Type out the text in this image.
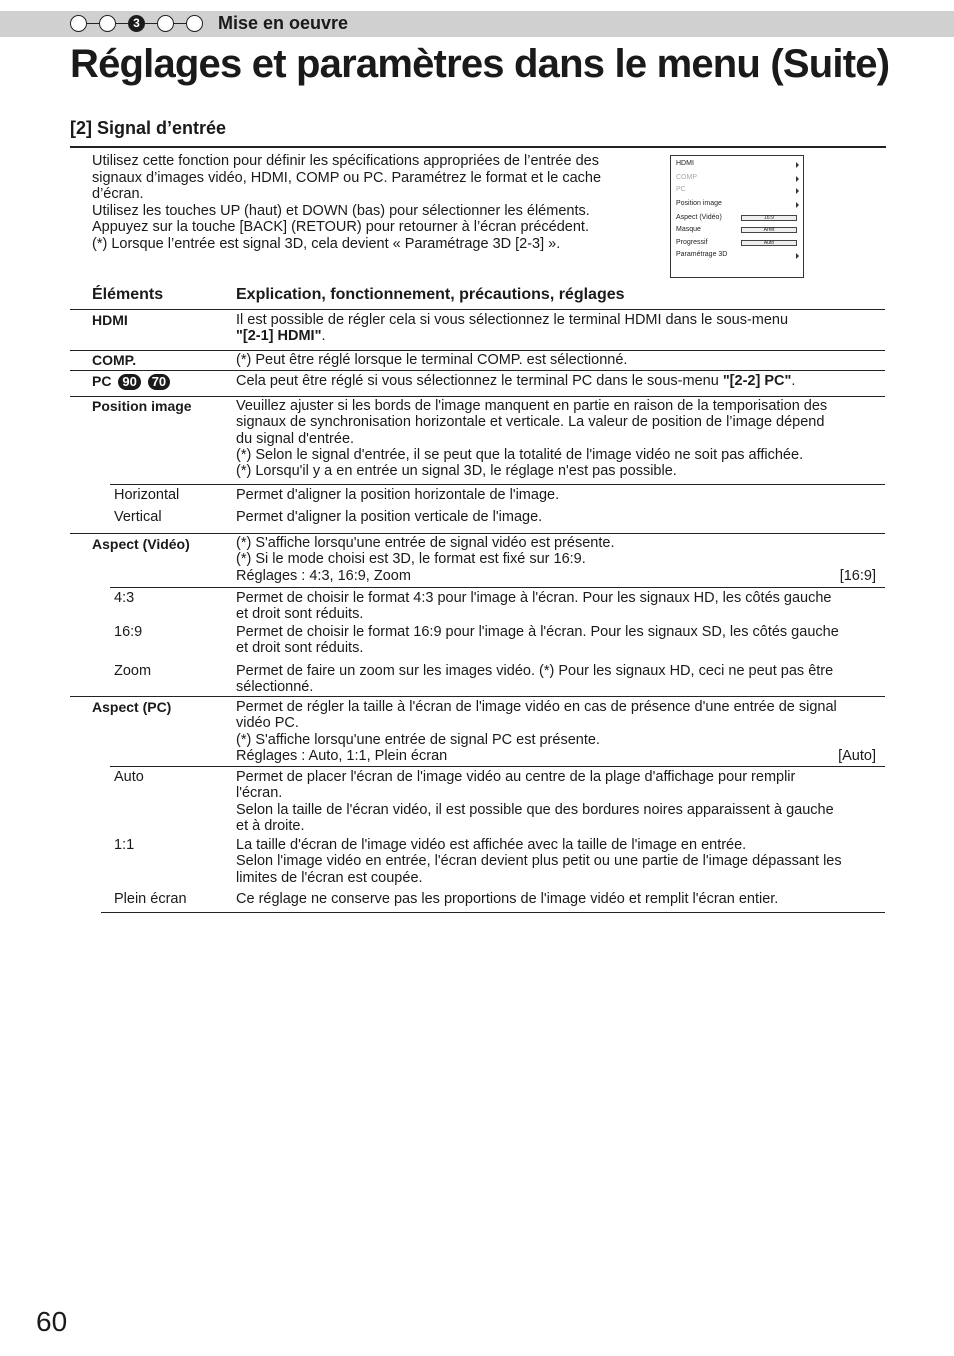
3	Mise en oeuvre
Réglages et paramètres dans le menu (Suite)
[2] Signal d’entrée
Utilisez cette fonction pour définir les spécifications appropriées de l’entrée des
signaux d’images vidéo, HDMI, COMP ou PC. Paramétrez le format et le cache
d’écran.
Utilisez les touches UP (haut) et DOWN (bas) pour sélectionner les éléments.
Appuyez sur la touche [BACK] (RETOUR) pour retourner à l’écran précédent.
(*) Lorsque l’entrée est signal 3D, cela devient « Paramétrage 3D [2-3] ».
HDMI
COMP
PC
Position image
Aspect (Vidéo)	16:9
Masque	Arrêt
Progressif	Auto
Paramétrage 3D
Éléments	Explication, fonctionnement, précautions, réglages
HDMI	Il est possible de régler cela si vous sélectionnez le terminal HDMI dans le sous-menu
"[2-1] HDMI".
COMP.	(*) Peut être réglé lorsque le terminal COMP. est sélectionné.
PC 90 70	Cela peut être réglé si vous sélectionnez le terminal PC dans le sous-menu "[2-2] PC".
Position image	Veuillez ajuster si les bords de l'image manquent en partie en raison de la temporisation des
signaux de synchronisation horizontale et verticale. La valeur de position de l’image dépend
du signal d'entrée.
(*) Selon le signal d'entrée, il se peut que la totalité de l'image vidéo ne soit pas affichée.
(*) Lorsqu'il y a en entrée un signal 3D, le réglage n'est pas possible.
Horizontal	Permet d'aligner la position horizontale de l'image.
Vertical	Permet d'aligner la position verticale de l'image.
Aspect (Vidéo)	(*) S'affiche lorsqu'une entrée de signal vidéo est présente.
(*) Si le mode choisi est 3D, le format est fixé sur 16:9.
Réglages : 4:3, 16:9, Zoom	[16:9]
4:3	Permet de choisir le format 4:3 pour l'image à l'écran. Pour les signaux HD, les côtés gauche
et droit sont réduits.
16:9	Permet de choisir le format 16:9 pour l'image à l'écran. Pour les signaux SD, les côtés gauche
et droit sont réduits.
Zoom	Permet de faire un zoom sur les images vidéo. (*) Pour les signaux HD, ceci ne peut pas être
sélectionné.
Aspect (PC)	Permet de régler la taille à l'écran de l'image vidéo en cas de présence d'une entrée de signal
vidéo PC.
(*) S'affiche lorsqu'une entrée de signal PC est présente.
Réglages : Auto, 1:1, Plein écran	[Auto]
Auto	Permet de placer l'écran de l'image vidéo au centre de la plage d'affichage pour remplir
l'écran.
Selon la taille de l'écran vidéo, il est possible que des bordures noires apparaissent à gauche
et à droite.
1:1	La taille d'écran de l'image vidéo est affichée avec la taille de l'image en entrée.
Selon l'image vidéo en entrée, l'écran devient plus petit ou une partie de l'image dépassant les
limites de l'écran est coupée.
Plein écran	Ce réglage ne conserve pas les proportions de l'image vidéo et remplit l'écran entier.
60
